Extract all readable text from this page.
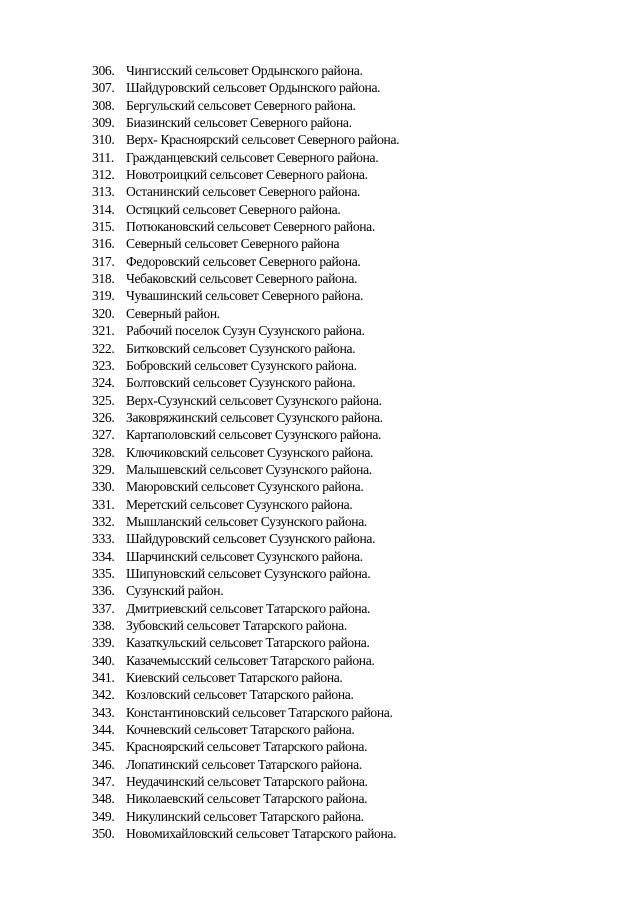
306. Чингисский сельсовет Ордынского района.
307. Шайдуровский сельсовет Ордынского района.
308. Бергульский сельсовет Северного района.
309. Биазинский сельсовет Северного района.
310. Верх- Красноярский сельсовет Северного района.
311. Гражданцевский сельсовет Северного района.
312. Новотроицкий сельсовет Северного района.
313. Останинский сельсовет Северного района.
314. Остяцкий сельсовет Северного района.
315. Потюкановский сельсовет Северного района.
316. Северный сельсовет Северного района
317. Федоровский сельсовет Северного района.
318. Чебаковский сельсовет Северного района.
319. Чувашинский сельсовет Северного района.
320. Северный район.
321. Рабочий поселок Сузун Сузунского района.
322. Битковский сельсовет Сузунского района.
323. Бобровский сельсовет Сузунского района.
324. Болтовский сельсовет Сузунского района.
325. Верх-Сузунский сельсовет Сузунского района.
326. Заковряжинский сельсовет Сузунского района.
327. Картаполовский сельсовет Сузунского района.
328. Ключиковский сельсовет Сузунского района.
329. Малышевский сельсовет Сузунского района.
330. Маюровский сельсовет Сузунского района.
331. Меретский сельсовет Сузунского района.
332. Мышланский сельсовет Сузунского района.
333. Шайдуровский сельсовет Сузунского района.
334. Шарчинский сельсовет Сузунского района.
335. Шипуновский сельсовет Сузунского района.
336. Сузунский район.
337. Дмитриевский сельсовет Татарского района.
338. Зубовский сельсовет Татарского района.
339. Казаткульский сельсовет Татарского района.
340. Казачемысский сельсовет Татарского района.
341. Киевский сельсовет Татарского района.
342. Козловский сельсовет Татарского района.
343. Константиновский сельсовет Татарского района.
344. Кочневский сельсовет Татарского района.
345. Красноярский сельсовет Татарского района.
346. Лопатинский сельсовет Татарского района.
347. Неудачинский сельсовет Татарского района.
348. Николаевский сельсовет Татарского района.
349. Никулинский сельсовет Татарского района.
350. Новомихайловский сельсовет Татарского района.
